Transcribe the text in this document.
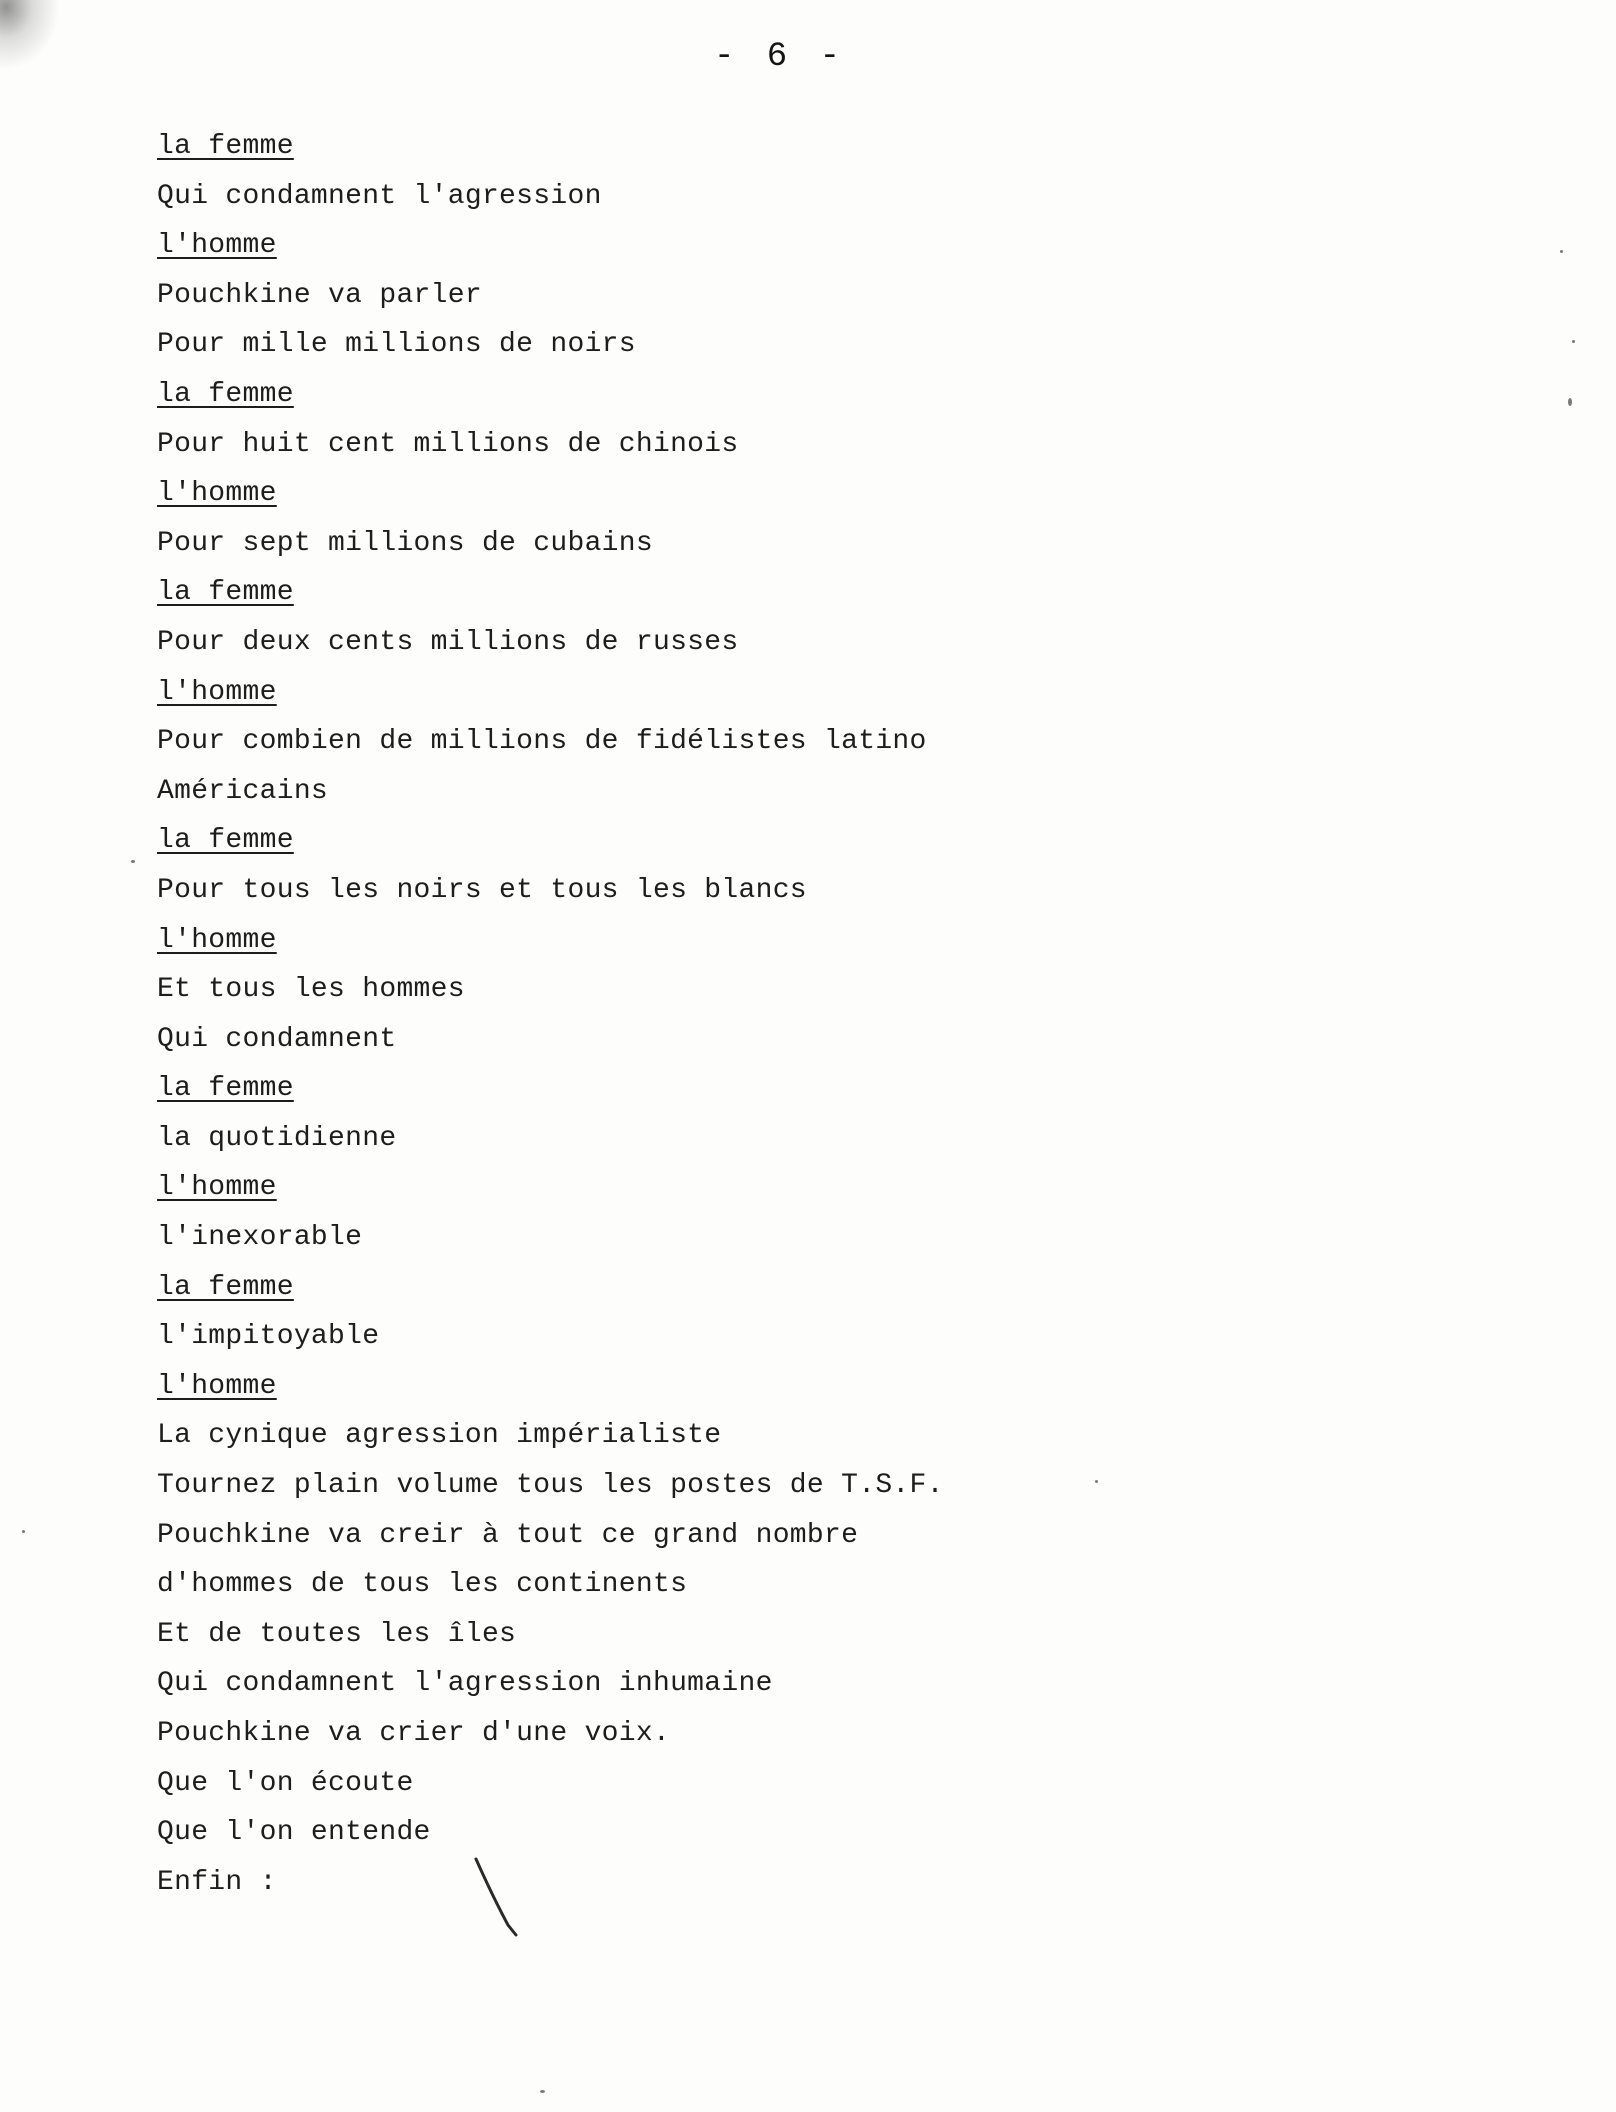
- 6 -
la femme
Qui condamnent l'agression
l'homme
Pouchkine va parler
Pour mille millions de noirs
la femme
Pour huit cent millions de chinois
l'homme
Pour sept millions de cubains
la femme
Pour deux cents millions de russes
l'homme
Pour combien de millions de fidélistes latino
Américains
la femme
Pour tous les noirs et tous les blancs
l'homme
Et tous les hommes
Qui condamnent
la femme
la quotidienne
l'homme
l'inexorable
la femme
l'impitoyable
l'homme
La cynique agression impérialiste
Tournez plain volume tous les postes de T.S.F.
Pouchkine va creir à tout ce grand nombre
d'hommes de tous les continents
Et de toutes les îles
Qui condamnent l'agression inhumaine
Pouchkine va crier d'une voix.
Que l'on écoute
Que l'on entende
Enfin :
